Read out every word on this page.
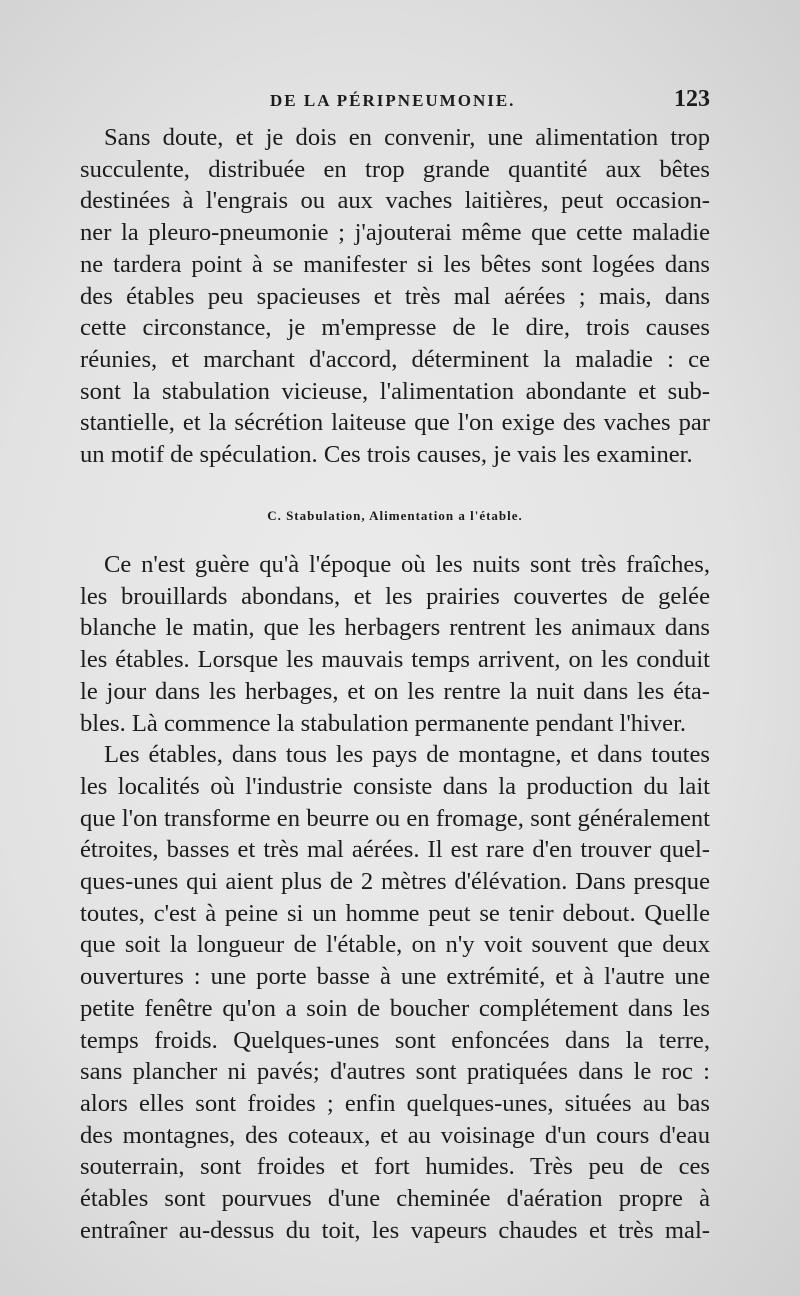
DE LA PÉRIPNEUMONIE.	123
Sans doute, et je dois en convenir, une alimentation trop
succulente, distribuée en trop grande quantité aux bêtes
destinées à l'engrais ou aux vaches laitières, peut occasion-
ner la pleuro-pneumonie ; j'ajouterai même que cette maladie
ne tardera point à se manifester si les bêtes sont logées dans
des étables peu spacieuses et très mal aérées ; mais, dans
cette circonstance, je m'empresse de le dire, trois causes
réunies, et marchant d'accord, déterminent la maladie : ce
sont la stabulation vicieuse, l'alimentation abondante et sub-
stantielle, et la sécrétion laiteuse que l'on exige des vaches par
un motif de spéculation. Ces trois causes, je vais les examiner.
C. Stabulation, Alimentation a l'étable.
Ce n'est guère qu'à l'époque où les nuits sont très fraîches,
les brouillards abondans, et les prairies couvertes de gelée
blanche le matin, que les herbagers rentrent les animaux dans
les étables. Lorsque les mauvais temps arrivent, on les conduit
le jour dans les herbages, et on les rentre la nuit dans les éta-
bles. Là commence la stabulation permanente pendant l'hiver.
Les étables, dans tous les pays de montagne, et dans toutes
les localités où l'industrie consiste dans la production du lait
que l'on transforme en beurre ou en fromage, sont généralement
étroites, basses et très mal aérées. Il est rare d'en trouver quel-
ques-unes qui aient plus de 2 mètres d'élévation. Dans presque
toutes, c'est à peine si un homme peut se tenir debout. Quelle
que soit la longueur de l'étable, on n'y voit souvent que deux
ouvertures : une porte basse à une extrémité, et à l'autre une
petite fenêtre qu'on a soin de boucher complétement dans les
temps froids. Quelques-unes sont enfoncées dans la terre,
sans plancher ni pavés; d'autres sont pratiquées dans le roc :
alors elles sont froides ; enfin quelques-unes, situées au bas
des montagnes, des coteaux, et au voisinage d'un cours d'eau
souterrain, sont froides et fort humides. Très peu de ces
étables sont pourvues d'une cheminée d'aération propre à
entraîner au-dessus du toit, les vapeurs chaudes et très mal-
